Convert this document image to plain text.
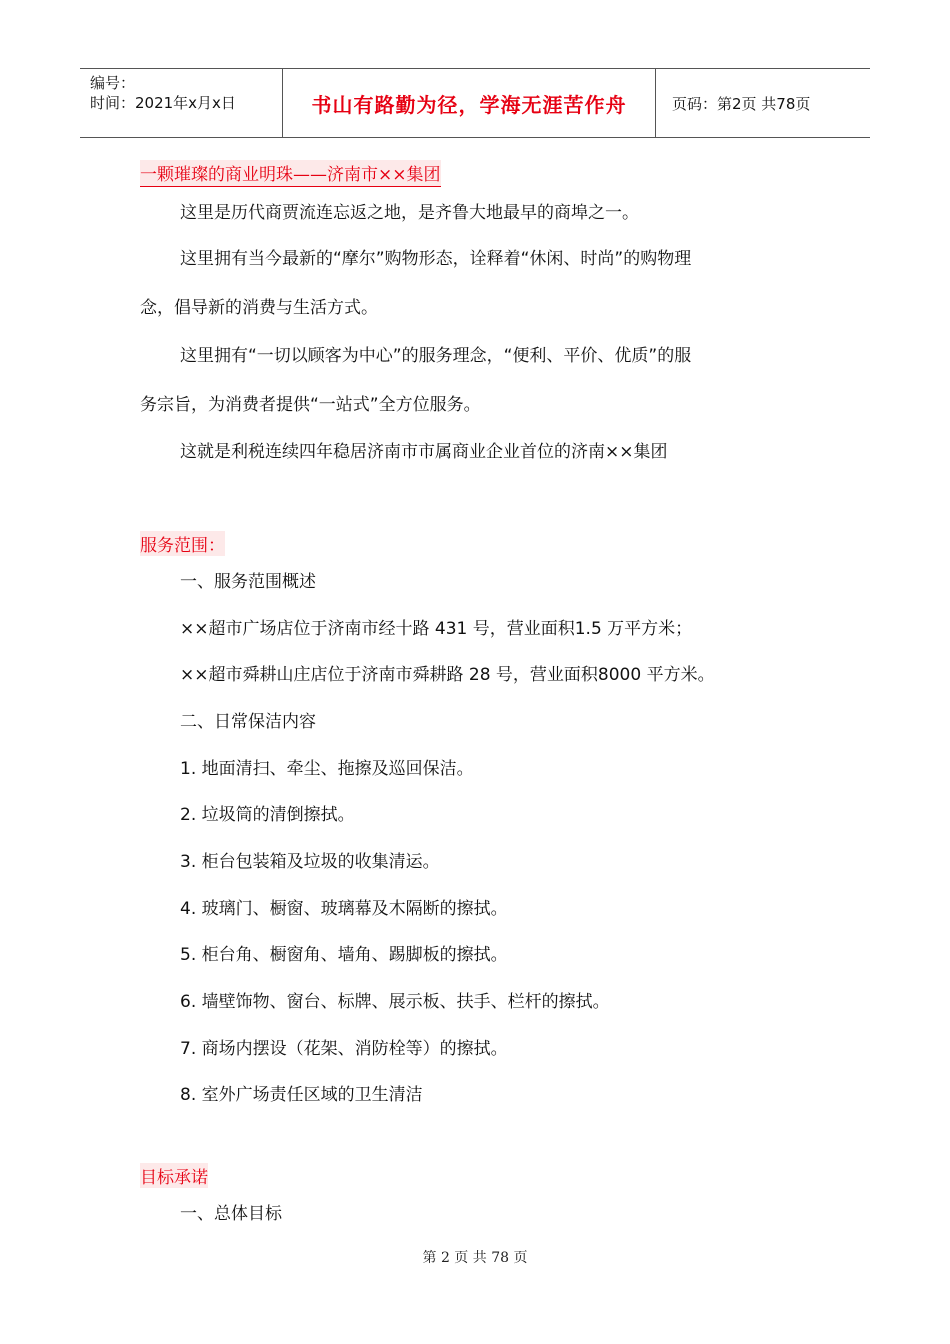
编号：
时间：2021年x月x日	书山有路勤为径，学海无涯苦作舟	页码：第2页 共78页
一颗璀璨的商业明珠——济南市××集团
这里是历代商贾流连忘返之地，是齐鲁大地最早的商埠之一。
这里拥有当今最新的“摩尔”购物形态，诠释着“休闲、时尚”的购物理
念，倡导新的消费与生活方式。
这里拥有“一切以顾客为中心”的服务理念，“便利、平价、优质”的服
务宗旨，为消费者提供“一站式”全方位服务。
这就是利税连续四年稳居济南市市属商业企业首位的济南××集团
服务范围：
一、服务范围概述
××超市广场店位于济南市经十路 431 号，营业面积1.5 万平方米；
××超市舜耕山庄店位于济南市舜耕路 28 号，营业面积8000 平方米。
二、日常保洁内容
1. 地面清扫、牵尘、拖擦及巡回保洁。
2. 垃圾筒的清倒擦拭。
3. 柜台包装箱及垃圾的收集清运。
4. 玻璃门、橱窗、玻璃幕及木隔断的擦拭。
5. 柜台角、橱窗角、墙角、踢脚板的擦拭。
6. 墙壁饰物、窗台、标牌、展示板、扶手、栏杆的擦拭。
7. 商场内摆设（花架、消防栓等）的擦拭。
8. 室外广场责任区域的卫生清洁
目标承诺
一、总体目标
第 2 页 共 78 页
